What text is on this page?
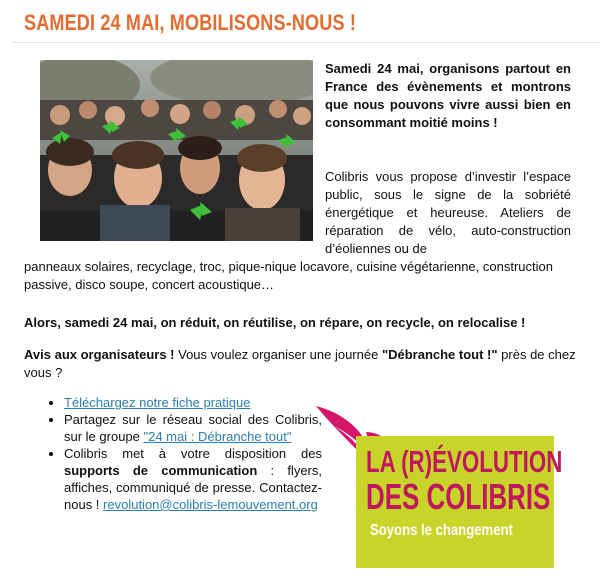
SAMEDI 24 MAI, MOBILISONS-NOUS !

Samedi 24 mai, organisons partout en France des évènements et montrons que nous pouvons vivre aussi bien en consommant moitié moins !

Colibris vous propose d’investir l’espace public, sous le signe de la sobriété énergétique et heureuse. Ateliers de réparation de vélo, auto-construction d’éoliennes ou de

panneaux solaires, recyclage, troc, pique-nique locavore, cuisine végétarienne, construction passive, disco soupe, concert acoustique…

Alors, samedi 24 mai, on réduit, on réutilise, on répare, on recycle, on relocalise !

Avis aux organisateurs ! Vous voulez organiser une journée "Débranche tout !" près de chez vous ?

• Téléchargez notre fiche pratique
• Partagez sur le réseau social des Colibris, sur le groupe "24 mai : Débranche tout"
• Colibris met à votre disposition des supports de communication : flyers, affiches, communiqué de presse. Contactez-nous ! revolution@colibris-lemouvement.org
LA (R)ÉVOLUTION
DES COLIBRIS
Soyons le changement
